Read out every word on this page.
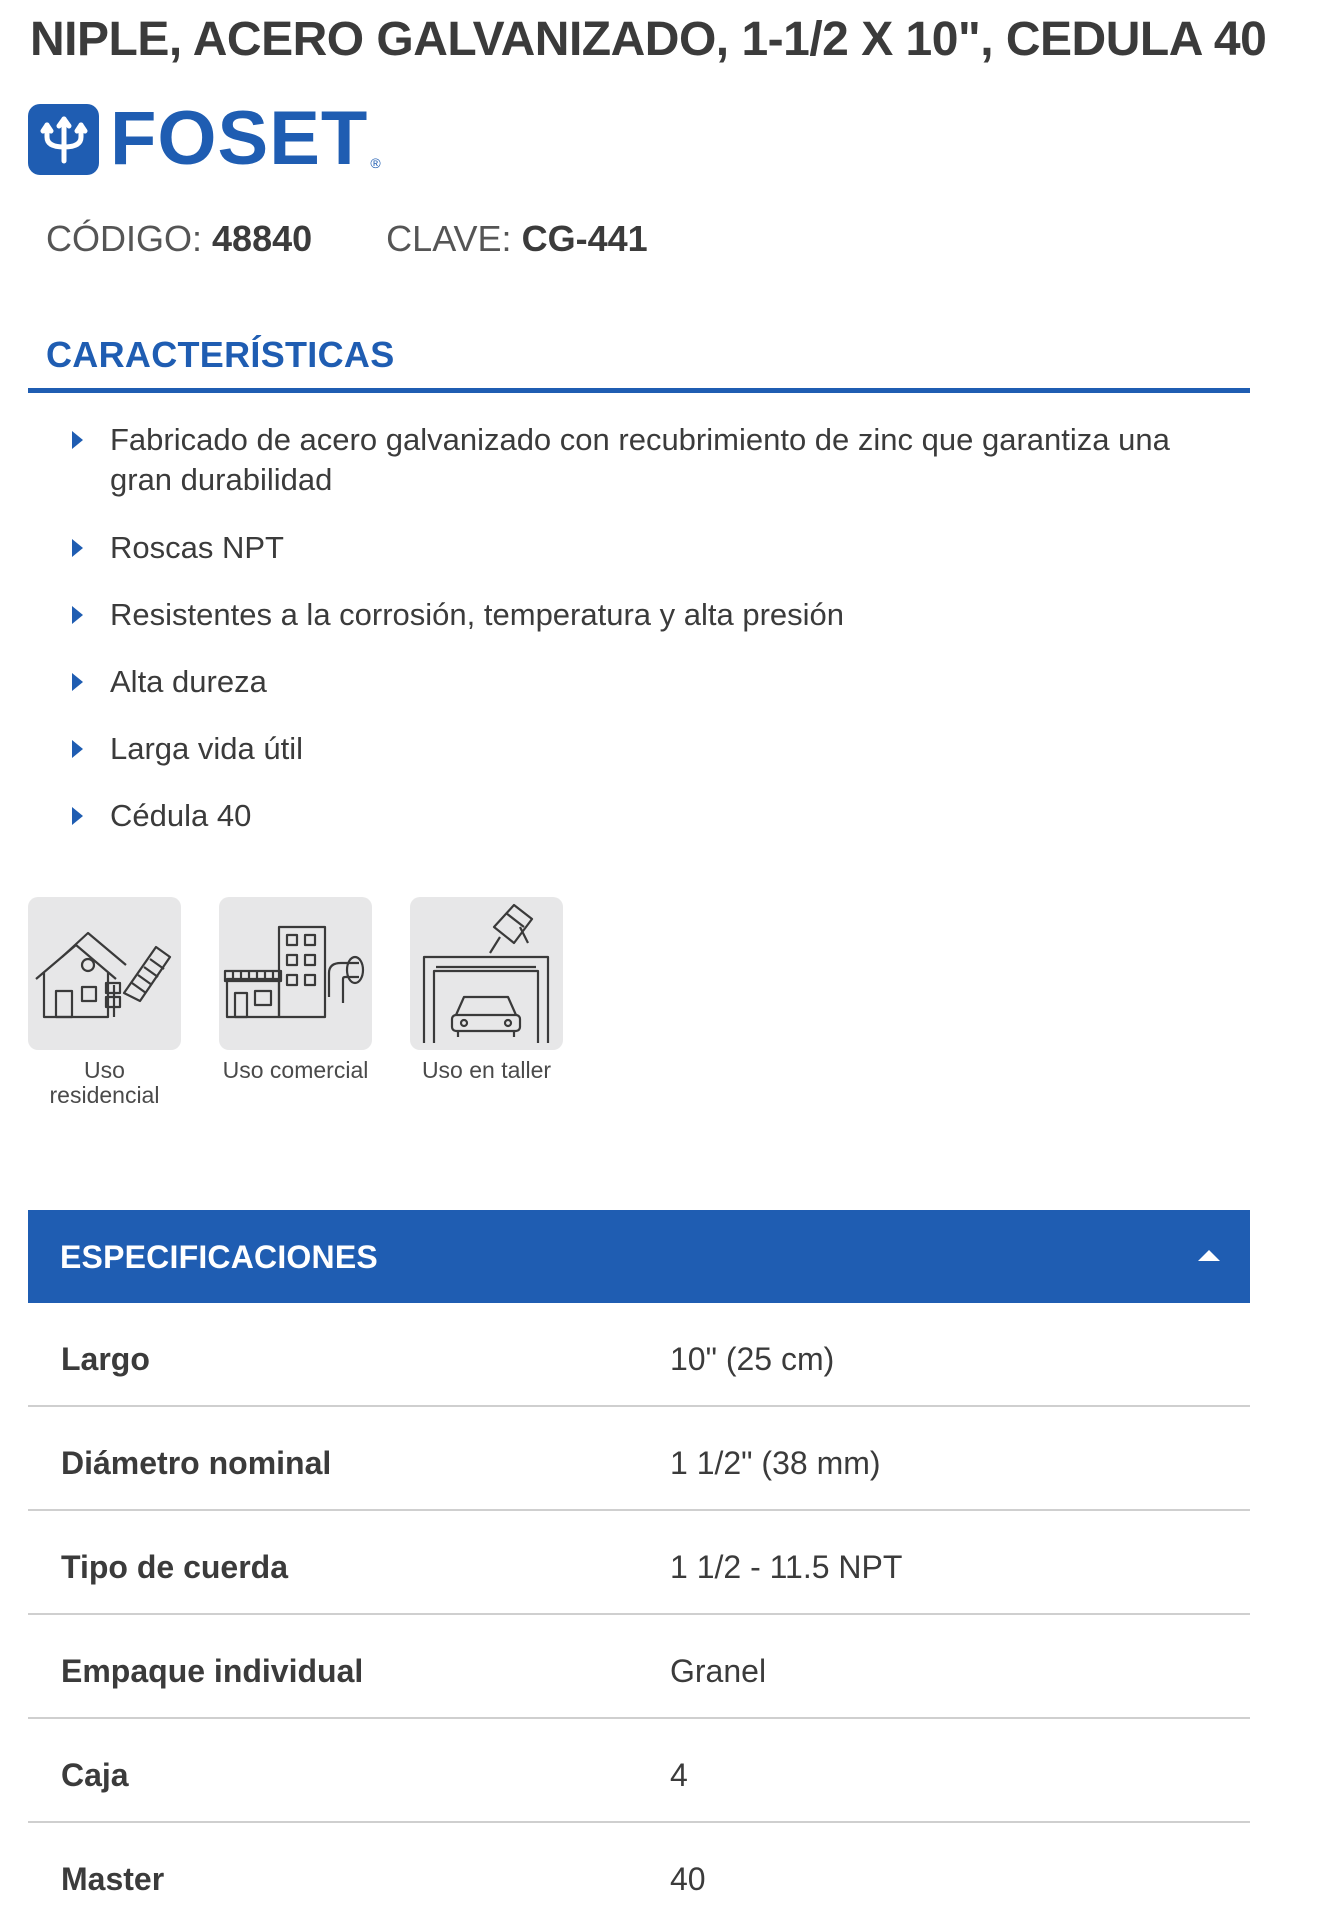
NIPLE, ACERO GALVANIZADO, 1-1/2 X 10", CEDULA 40
FOSET ®
CÓDIGO: 48840 CLAVE: CG-441
CARACTERÍSTICAS
Fabricado de acero galvanizado con recubrimiento de zinc que garantiza una gran durabilidad
Roscas NPT
Resistentes a la corrosión, temperatura y alta presión
Alta dureza
Larga vida útil
Cédula 40
Uso residencial
Uso comercial	Uso en taller
ESPECIFICACIONES
Largo	10" (25 cm)
Diámetro nominal	1 1/2" (38 mm)
Tipo de cuerda	1 1/2 - 11.5 NPT
Empaque individual	Granel
Caja	4
Master	40
